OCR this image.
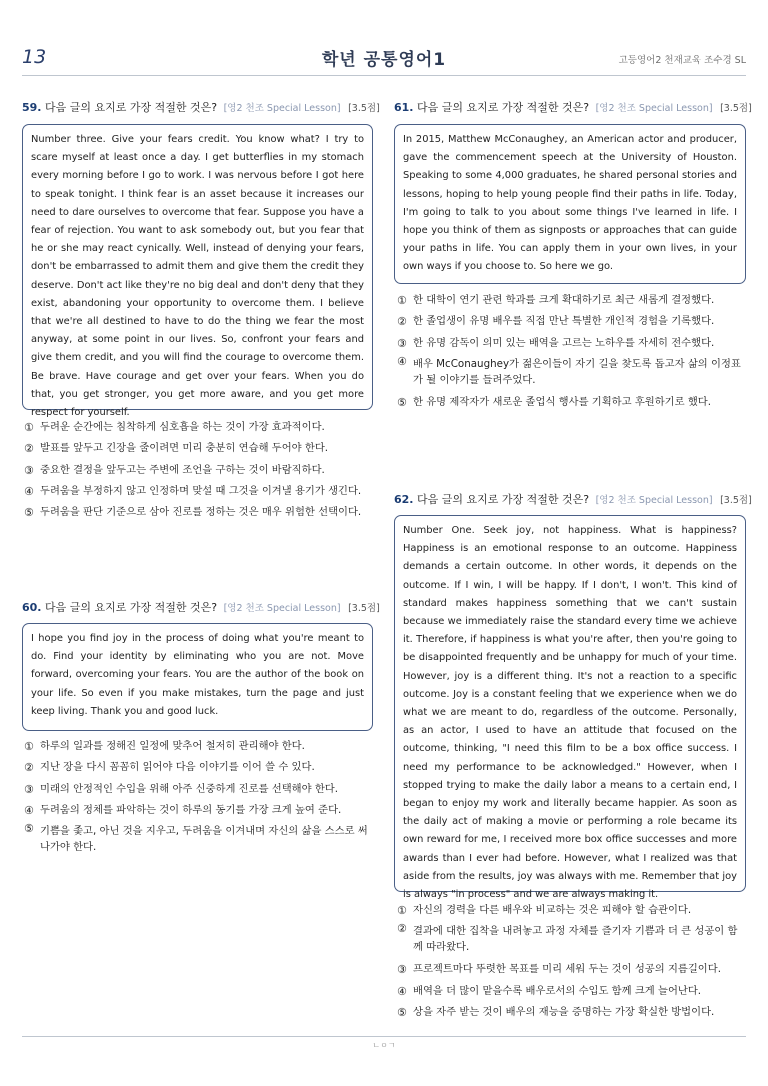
13	학년 공통영어1	고등영어2 천재교육 조수경 SL
59. 다음 글의 요지로 가장 적절한 것은? [영2 천조 Special Lesson] [3.5점]
Number three. Give your fears credit. You know what? I try to scare myself at least once a day. I get butterflies in my stomach every morning before I go to work. I was nervous before I got here to speak tonight. I think fear is an asset because it increases our need to dare ourselves to overcome that fear. Suppose you have a fear of rejection. You want to ask somebody out, but you fear that he or she may react cynically. Well, instead of denying your fears, don't be embarrassed to admit them and give them the credit they deserve. Don't act like they're no big deal and don't deny that they exist, abandoning your opportunity to overcome them. I believe that we're all destined to have to do the thing we fear the most anyway, at some point in our lives. So, confront your fears and give them credit, and you will find the courage to overcome them. Be brave. Have courage and get over your fears. When you do that, you get stronger, you get more aware, and you get more respect for yourself.
① 두려운 순간에는 침착하게 심호흡을 하는 것이 가장 효과적이다.
② 발표를 앞두고 긴장을 줄이려면 미리 충분히 연습해 두어야 한다.
③ 중요한 결정을 앞두고는 주변에 조언을 구하는 것이 바람직하다.
④ 두려움을 부정하지 않고 인정하며 맞설 때 그것을 이겨낼 용기가 생긴다.
⑤ 두려움을 판단 기준으로 삼아 진로를 정하는 것은 매우 위험한 선택이다.
60. 다음 글의 요지로 가장 적절한 것은? [영2 천조 Special Lesson] [3.5점]
I hope you find joy in the process of doing what you're meant to do. Find your identity by eliminating who you are not. Move forward, overcoming your fears. You are the author of the book on your life. So even if you make mistakes, turn the page and just keep living. Thank you and good luck.
① 하루의 일과를 정해진 일정에 맞추어 철저히 관리해야 한다.
② 지난 장을 다시 꼼꼼히 읽어야 다음 이야기를 이어 쓸 수 있다.
③ 미래의 안정적인 수입을 위해 아주 신중하게 진로를 선택해야 한다.
④ 두려움의 정체를 파악하는 것이 하루의 동기를 가장 크게 높여 준다.
⑤ 기쁨을 좇고, 아닌 것을 지우고, 두려움을 이겨내며 자신의 삶을 스스로 써 나가야 한다.
61. 다음 글의 요지로 가장 적절한 것은? [영2 천조 Special Lesson] [3.5점]
In 2015, Matthew McConaughey, an American actor and producer, gave the commencement speech at the University of Houston. Speaking to some 4,000 graduates, he shared personal stories and lessons, hoping to help young people find their paths in life. Today, I'm going to talk to you about some things I've learned in life. I hope you think of them as signposts or approaches that can guide your paths in life. You can apply them in your own lives, in your own ways if you choose to. So here we go.
① 한 대학이 연기 관련 학과를 크게 확대하기로 최근 새롭게 결정했다.
② 한 졸업생이 유명 배우를 직접 만난 특별한 개인적 경험을 기록했다.
③ 한 유명 감독이 의미 있는 배역을 고르는 노하우를 자세히 전수했다.
④ 배우 McConaughey가 젊은이들이 자기 길을 찾도록 돕고자 삶의 이정표가 될 이야기를 들려주었다.
⑤ 한 유명 제작자가 새로운 졸업식 행사를 기획하고 후원하기로 했다.
62. 다음 글의 요지로 가장 적절한 것은? [영2 천조 Special Lesson] [3.5점]
Number One. Seek joy, not happiness. What is happiness? Happiness is an emotional response to an outcome. Happiness demands a certain outcome. In other words, it depends on the outcome. If I win, I will be happy. If I don't, I won't. This kind of standard makes happiness something that we can't sustain because we immediately raise the standard every time we achieve it. Therefore, if happiness is what you're after, then you're going to be disappointed frequently and be unhappy for much of your time. However, joy is a different thing. It's not a reaction to a specific outcome. Joy is a constant feeling that we experience when we do what we are meant to do, regardless of the outcome. Personally, as an actor, I used to have an attitude that focused on the outcome, thinking, "I need this film to be a box office success. I need my performance to be acknowledged." However, when I stopped trying to make the daily labor a means to a certain end, I began to enjoy my work and literally became happier. As soon as the daily act of making a movie or performing a role became its own reward for me, I received more box office successes and more awards than I ever had before. However, what I realized was that aside from the results, joy was always with me. Remember that joy is always "in process" and we are always making it.
① 자신의 경력을 다른 배우와 비교하는 것은 피해야 할 습관이다.
② 결과에 대한 집착을 내려놓고 과정 자체를 즐기자 기쁨과 더 큰 성공이 함께 따라왔다.
③ 프로젝트마다 뚜렷한 목표를 미리 세워 두는 것이 성공의 지름길이다.
④ 배역을 더 많이 맡을수록 배우로서의 수입도 함께 크게 늘어난다.
⑤ 상을 자주 받는 것이 배우의 재능을 증명하는 가장 확실한 방법이다.
ㄴㅇㄱ
